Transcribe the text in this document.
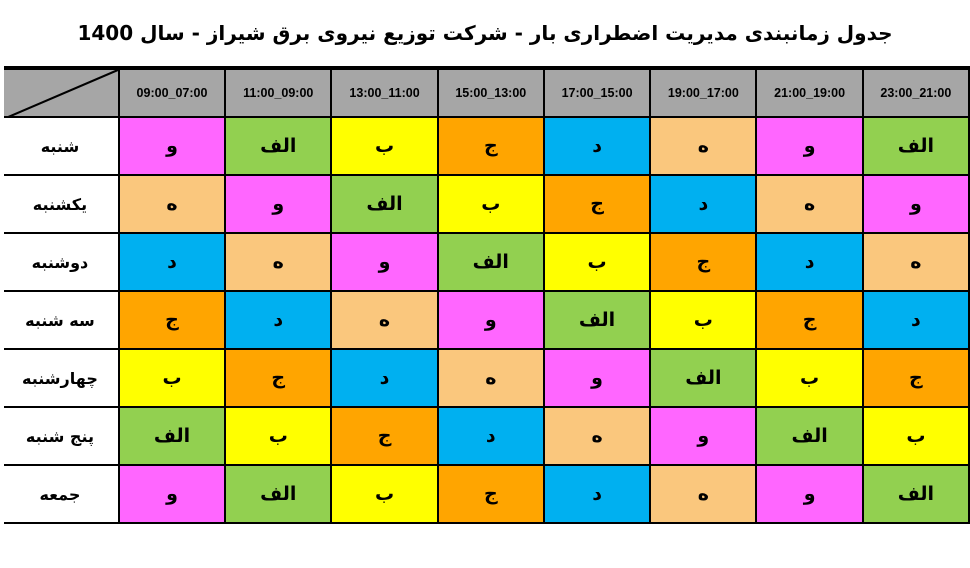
جدول زمانبندی مدیریت اضطراری بار - شرکت توزیع نیروی برق شیراز - سال 1400
21:00_23:00	19:00_21:00	17:00_19:00	15:00_17:00	13:00_15:00	11:00_13:00	09:00_11:00	07:00_09:00	

الف	و	ه	د	ج	ب	الف	و	شنبه
و	ه	د	ج	ب	الف	و	ه	یکشنبه
ه	د	ج	ب	الف	و	ه	د	دوشنبه
د	ج	ب	الف	و	ه	د	ج	سه شنبه
ج	ب	الف	و	ه	د	ج	ب	چهارشنبه
ب	الف	و	ه	د	ج	ب	الف	پنج شنبه
الف	و	ه	د	ج	ب	الف	و	جمعه
